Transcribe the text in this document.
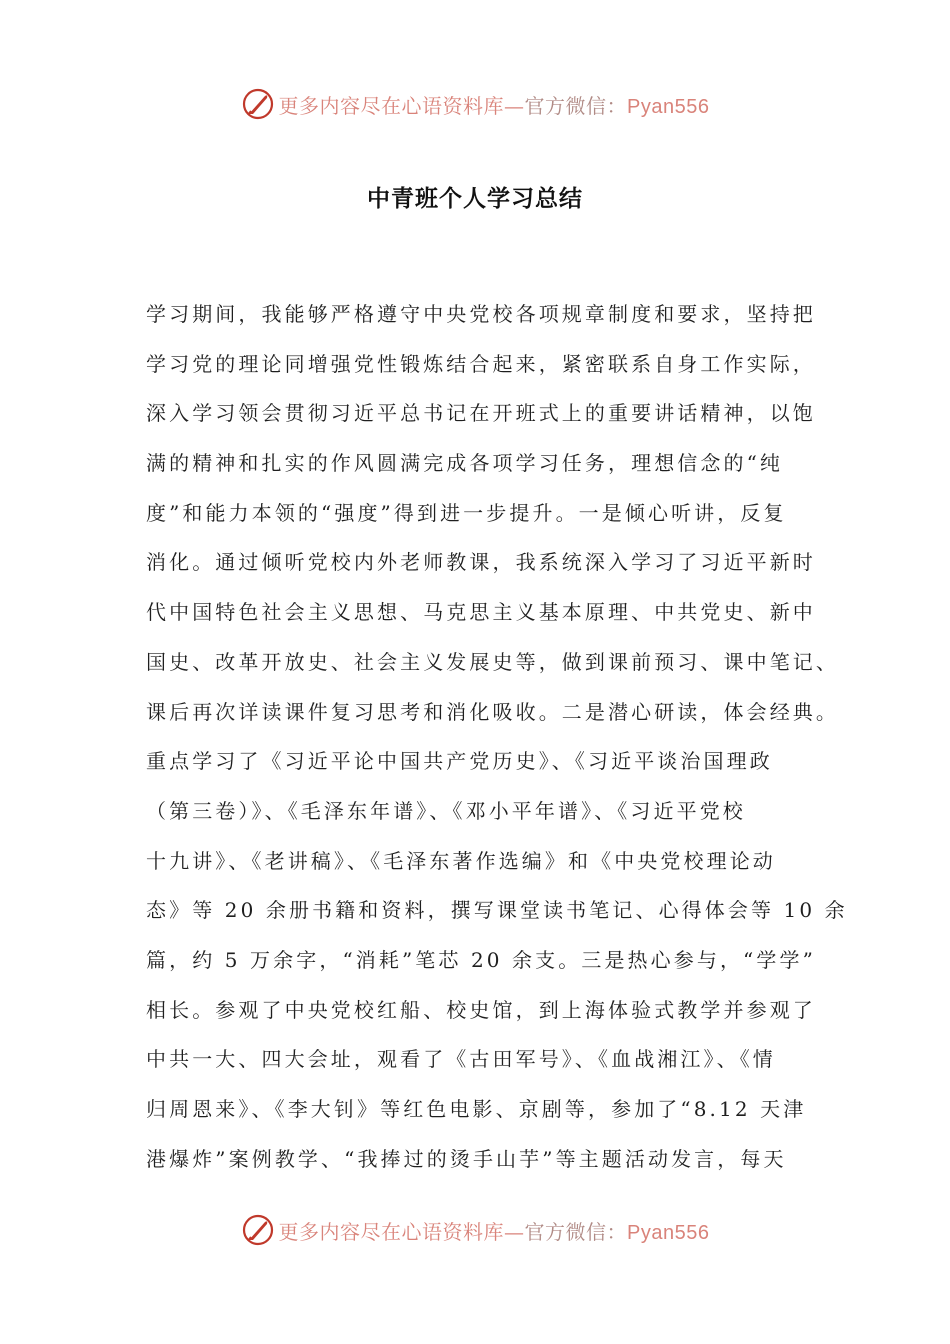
更多内容尽在心语资料库—官方微信：Pyan556
中青班个人学习总结
学习期间，我能够严格遵守中央党校各项规章制度和要求，坚持把
学习党的理论同增强党性锻炼结合起来，紧密联系自身工作实际，
深入学习领会贯彻习近平总书记在开班式上的重要讲话精神，以饱
满的精神和扎实的作风圆满完成各项学习任务，理想信念的“纯
度”和能力本领的“强度”得到进一步提升。一是倾心听讲，反复
消化。通过倾听党校内外老师教课，我系统深入学习了习近平新时
代中国特色社会主义思想、马克思主义基本原理、中共党史、新中
国史、改革开放史、社会主义发展史等，做到课前预习、课中笔记、
课后再次详读课件复习思考和消化吸收。二是潜心研读，体会经典。
重点学习了《习近平论中国共产党历史》、《习近平谈治国理政
（第三卷）》、《毛泽东年谱》、《邓小平年谱》、《习近平党校
十九讲》、《老讲稿》、《毛泽东著作选编》和《中央党校理论动
态》等 20 余册书籍和资料，撰写课堂读书笔记、心得体会等 10 余
篇，约 5 万余字，“消耗”笔芯 20 余支。三是热心参与，“学学”
相长。参观了中央党校红船、校史馆，到上海体验式教学并参观了
中共一大、四大会址，观看了《古田军号》、《血战湘江》、《情
归周恩来》、《李大钊》等红色电影、京剧等，参加了“8.12 天津
港爆炸”案例教学、“我捧过的烫手山芋”等主题活动发言，每天
更多内容尽在心语资料库—官方微信：Pyan556
